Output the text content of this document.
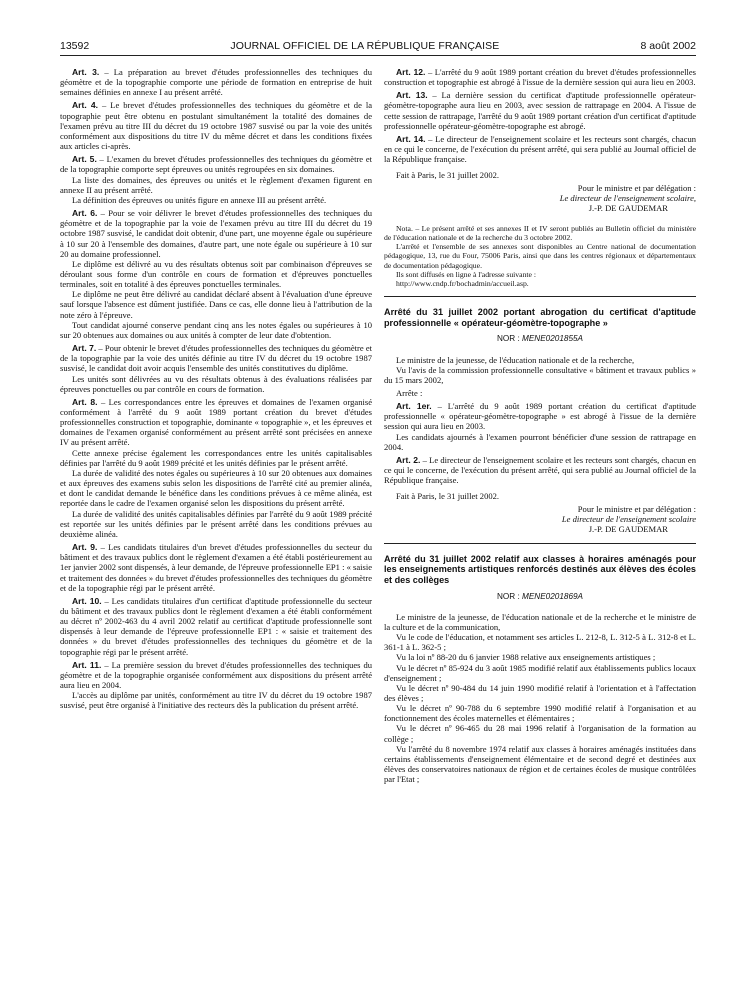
13592	JOURNAL OFFICIEL DE LA RÉPUBLIQUE FRANÇAISE	8 août 2002

Art. 3. – La préparation au brevet d'études professionnelles des techniques du géomètre et de la topographie comporte une période de formation en entreprise de huit semaines définies en annexe I au présent arrêté.

Art. 4. – Le brevet d'études professionnelles des techniques du géomètre et de la topographie peut être obtenu en postulant simultanément la totalité des domaines de l'examen prévu au titre III du décret du 19 octobre 1987 susvisé ou par la voie des unités conformément aux dispositions du titre IV du même décret et dans les conditions fixées aux articles ci-après.

Art. 5. – L'examen du brevet d'études professionnelles des techniques du géomètre et de la topographie comporte sept épreuves ou unités regroupées en six domaines.

La liste des domaines, des épreuves ou unités et le règlement d'examen figurent en annexe II au présent arrêté.

La définition des épreuves ou unités figure en annexe III au présent arrêté.

Art. 6. – Pour se voir délivrer le brevet d'études professionnelles des techniques du géomètre et de la topographie par la voie de l'examen prévu au titre III du décret du 19 octobre 1987 susvisé, le candidat doit obtenir, d'une part, une moyenne égale ou supérieure à 10 sur 20 à l'ensemble des domaines, d'autre part, une note égale ou supérieure à 10 sur 20 au domaine professionnel.

Le diplôme est délivré au vu des résultats obtenus soit par combinaison d'épreuves se déroulant sous forme d'un contrôle en cours de formation et d'épreuves ponctuelles terminales, soit en totalité à des épreuves ponctuelles terminales.

Le diplôme ne peut être délivré au candidat déclaré absent à l'évaluation d'une épreuve sauf lorsque l'absence est dûment justifiée. Dans ce cas, elle donne lieu à l'attribution de la note zéro à l'épreuve.

Tout candidat ajourné conserve pendant cinq ans les notes égales ou supérieures à 10 sur 20 obtenues aux domaines ou aux unités à compter de leur date d'obtention.

Art. 7. – Pour obtenir le brevet d'études professionnelles des techniques du géomètre et de la topographie par la voie des unités définie au titre IV du décret du 19 octobre 1987 susvisé, le candidat doit avoir acquis l'ensemble des unités constitutives du diplôme.

Les unités sont délivrées au vu des résultats obtenus à des évaluations réalisées par épreuves ponctuelles ou par contrôle en cours de formation.

Art. 8. – Les correspondances entre les épreuves et domaines de l'examen organisé conformément à l'arrêté du 9 août 1989 portant création du brevet d'études professionnelles construction et topographie, dominante « topographie », et les épreuves et domaines de l'examen organisé conformément au présent arrêté sont précisées en annexe IV au présent arrêté.

Cette annexe précise également les correspondances entre les unités capitalisables définies par l'arrêté du 9 août 1989 précité et les unités définies par le présent arrêté.

La durée de validité des notes égales ou supérieures à 10 sur 20 obtenues aux domaines et aux épreuves des examens subis selon les dispositions de l'arrêté cité au premier alinéa, et dont le candidat demande le bénéfice dans les conditions prévues à ce même alinéa, est reportée dans le cadre de l'examen organisé selon les dispositions du présent arrêté.

La durée de validité des unités capitalisables définies par l'arrêté du 9 août 1989 précité est reportée sur les unités définies par le présent arrêté dans les conditions prévues au deuxième alinéa.

Art. 9. – Les candidats titulaires d'un brevet d'études professionnelles du secteur du bâtiment et des travaux publics dont le règlement d'examen a été établi postérieurement au 1er janvier 2002 sont dispensés, à leur demande, de l'épreuve professionnelle EP1 : « saisie et traitement des données » du brevet d'études professionnelles des techniques du géomètre et de la topographie régi par le présent arrêté.

Art. 10. – Les candidats titulaires d'un certificat d'aptitude professionnelle du secteur du bâtiment et des travaux publics dont le règlement d'examen a été établi conformément au décret nº 2002-463 du 4 avril 2002 relatif au certificat d'aptitude professionnelle sont dispensés à leur demande de l'épreuve professionnelle EP1 : « saisie et traitement des données » du brevet d'études professionnelles des techniques du géomètre et de la topographie régi par le présent arrêté.

Art. 11. – La première session du brevet d'études professionnelles des techniques du géomètre et de la topographie organisée conformément aux dispositions du présent arrêté aura lieu en 2004.

L'accès au diplôme par unités, conformément au titre IV du décret du 19 octobre 1987 susvisé, peut être organisé à l'initiative des recteurs dès la publication du présent arrêté.

Art. 12. – L'arrêté du 9 août 1989 portant création du brevet d'études professionnelles construction et topographie est abrogé à l'issue de la dernière session qui aura lieu en 2003.

Art. 13. – La dernière session du certificat d'aptitude professionnelle opérateur-géomètre-topographe aura lieu en 2003, avec session de rattrapage en 2004. A l'issue de cette session de rattrapage, l'arrêté du 9 août 1989 portant création d'un certificat d'aptitude professionnelle opérateur-géomètre-topographe est abrogé.

Art. 14. – Le directeur de l'enseignement scolaire et les recteurs sont chargés, chacun en ce qui le concerne, de l'exécution du présent arrêté, qui sera publié au Journal officiel de la République française.

Fait à Paris, le 31 juillet 2002.

Pour le ministre et par délégation :
Le directeur de l'enseignement scolaire,
J.-P. DE GAUDEMAR

Nota. – Le présent arrêté et ses annexes II et IV seront publiés au Bulletin officiel du ministère de l'éducation nationale et de la recherche du 3 octobre 2002.

L'arrêté et l'ensemble de ses annexes sont disponibles au Centre national de documentation pédagogique, 13, rue du Four, 75006 Paris, ainsi que dans les centres régionaux et départementaux de documentation pédagogique.

Ils sont diffusés en ligne à l'adresse suivante :

http://www.cndp.fr/bochadmin/accueil.asp.

Arrêté du 31 juillet 2002 portant abrogation du certificat d'aptitude professionnelle « opérateur-géomètre-topographe »
NOR : MENE0201855A

Le ministre de la jeunesse, de l'éducation nationale et de la recherche,

Vu l'avis de la commission professionnelle consultative « bâtiment et travaux publics » du 15 mars 2002,

Arrête :

Art. 1er. – L'arrêté du 9 août 1989 portant création du certificat d'aptitude professionnelle « opérateur-géomètre-topographe » est abrogé à l'issue de la dernière session qui aura lieu en 2003.

Les candidats ajournés à l'examen pourront bénéficier d'une session de rattrapage en 2004.

Art. 2. – Le directeur de l'enseignement scolaire et les recteurs sont chargés, chacun en ce qui le concerne, de l'exécution du présent arrêté, qui sera publié au Journal officiel de la République française.

Fait à Paris, le 31 juillet 2002.

Pour le ministre et par délégation :
Le directeur de l'enseignement scolaire
J.-P. DE GAUDEMAR
Arrêté du 31 juillet 2002 relatif aux classes à horaires aménagés pour les enseignements artistiques renforcés destinés aux élèves des écoles et des collèges
NOR : MENE0201869A

Le ministre de la jeunesse, de l'éducation nationale et de la recherche et le ministre de la culture et de la communication,

Vu le code de l'éducation, et notamment ses articles L. 212-8, L. 312-5 à L. 312-8 et L. 361-1 à L. 362-5 ;

Vu la loi nº 88-20 du 6 janvier 1988 relative aux enseignements artistiques ;

Vu le décret nº 85-924 du 3 août 1985 modifié relatif aux établissements publics locaux d'enseignement ;

Vu le décret nº 90-484 du 14 juin 1990 modifié relatif à l'orientation et à l'affectation des élèves ;

Vu le décret nº 90-788 du 6 septembre 1990 modifié relatif à l'organisation et au fonctionnement des écoles maternelles et élémentaires ;

Vu le décret nº 96-465 du 28 mai 1996 relatif à l'organisation de la formation au collège ;

Vu l'arrêté du 8 novembre 1974 relatif aux classes à horaires aménagés instituées dans certains établissements d'enseignement élémentaire et de second degré et destinées aux élèves des conservatoires nationaux de région et de certaines écoles de musique contrôlées par l'Etat ;
